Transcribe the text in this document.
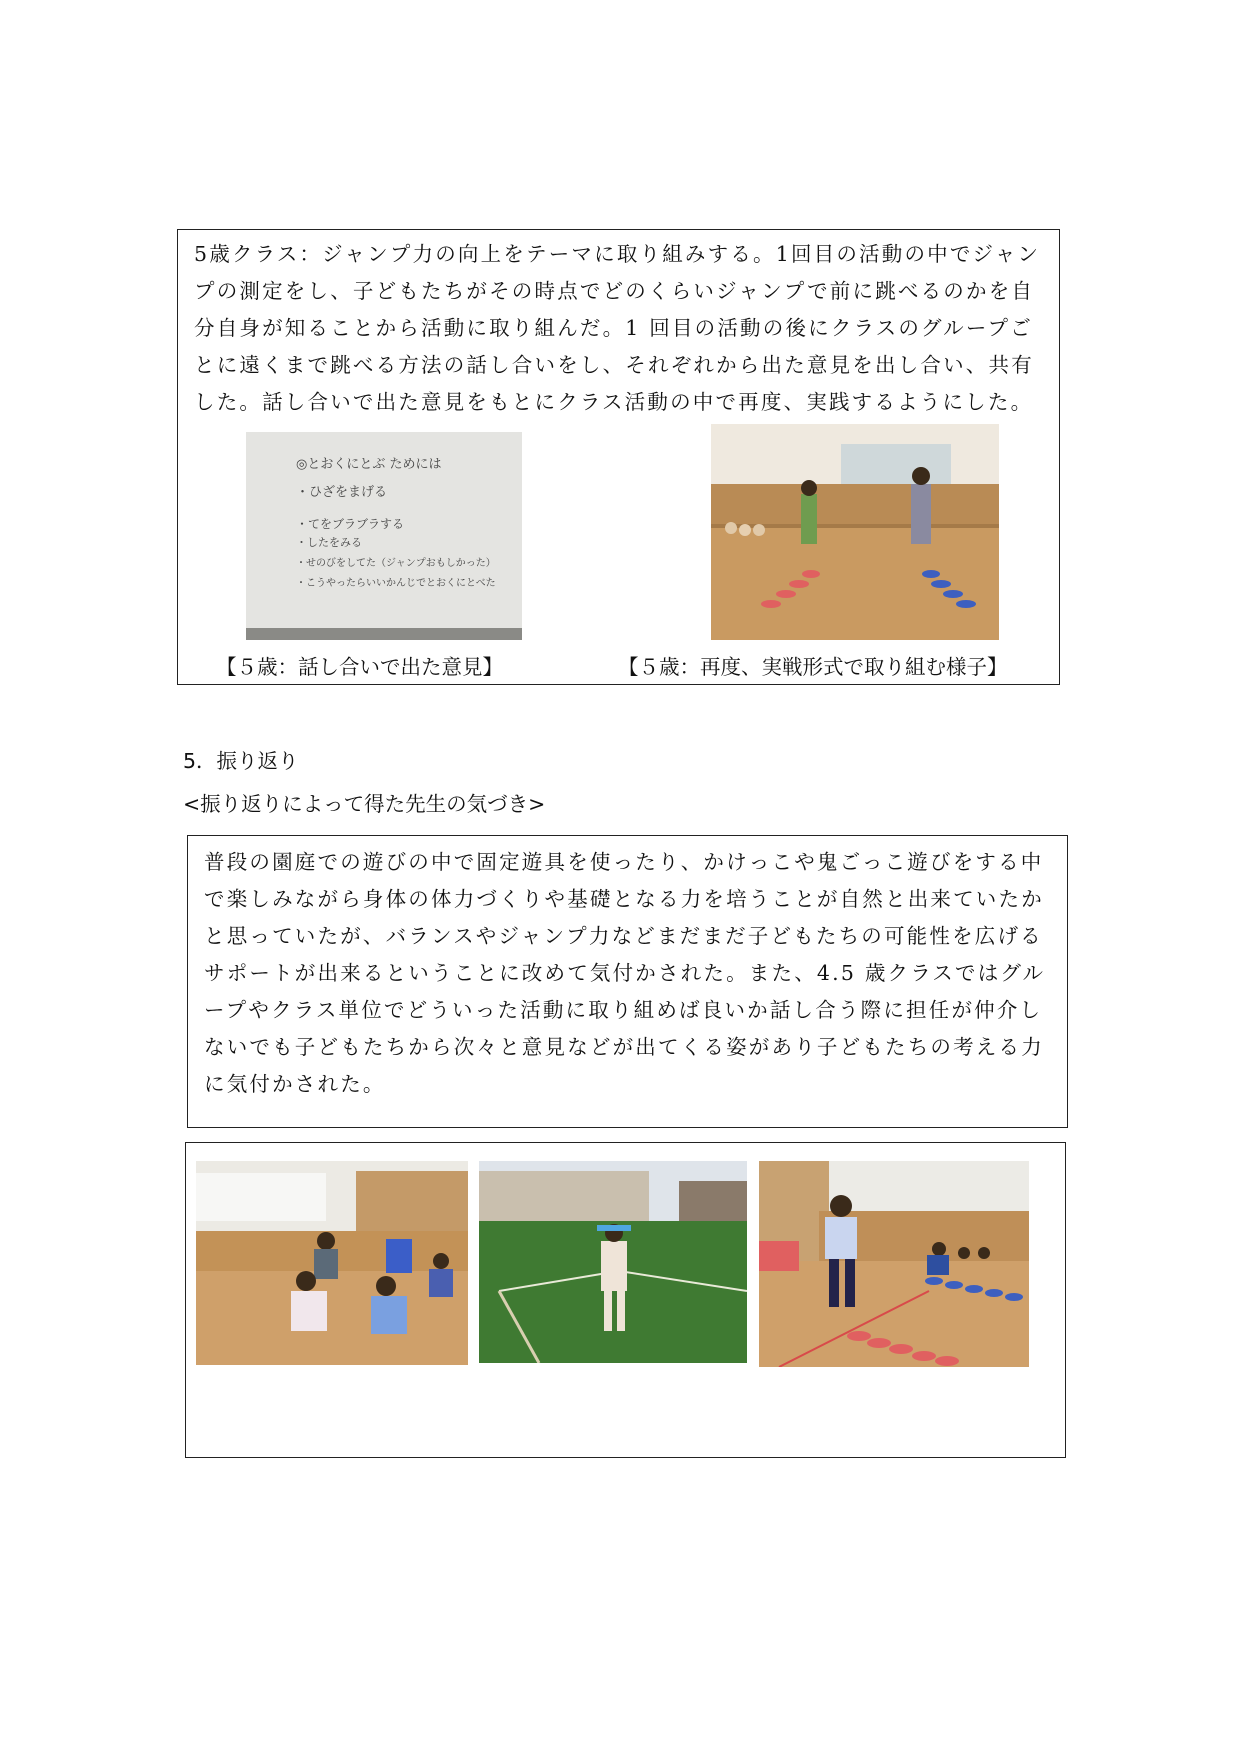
5歳クラス：ジャンプ力の向上をテーマに取り組みする。1回目の活動の中でジャンプの測定をし、子どもたちがその時点でどのくらいジャンプで前に跳べるのかを自分自身が知ることから活動に取り組んだ。1 回目の活動の後にクラスのグループごとに遠くまで跳べる方法の話し合いをし、それぞれから出た意見を出し合い、共有した。話し合いで出た意見をもとにクラス活動の中で再度、実践するようにした。

◎とおくにとぶ ためには
・ひざをまげる
・てをブラブラする
・したをみる
・せのびをしてた（ジャンプおもしかった）
・こうやったらいいかんじでとおくにとべた
【５歳：話し合いで出た意見】	【５歳：再度、実戦形式で取り組む様子】
5．振り返り
<振り返りによって得た先生の気づき>

普段の園庭での遊びの中で固定遊具を使ったり、かけっこや鬼ごっこ遊びをする中で楽しみながら身体の体力づくりや基礎となる力を培うことが自然と出来ていたかと思っていたが、バランスやジャンプ力などまだまだ子どもたちの可能性を広げるサポートが出来るということに改めて気付かされた。また、4.5 歳クラスではグループやクラス単位でどういった活動に取り組めば良いか話し合う際に担任が仲介しないでも子どもたちから次々と意見などが出てくる姿があり子どもたちの考える力に気付かされた。
